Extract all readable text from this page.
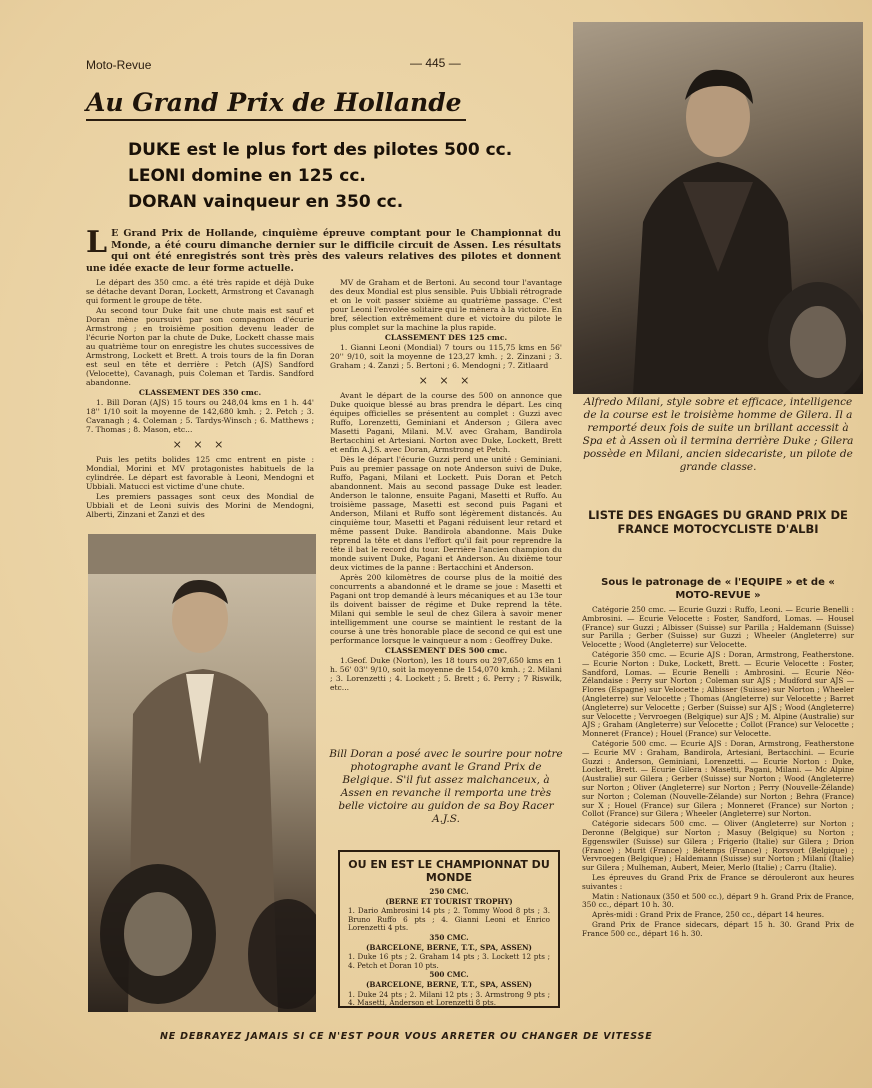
Moto-Revue	— 445 —
Au Grand Prix de Hollande
DUKE est le plus fort des pilotes 500 cc.
LEONI domine en 125 cc.
DORAN vainqueur en 350 cc.
L E Grand Prix de Hollande, cinquième épreuve comptant pour le Championnat du Monde, a été couru dimanche dernier sur le difficile circuit de Assen. Les résultats qui ont été enregistrés sont très près des valeurs relatives des pilotes et donnent une idée exacte de leur forme actuelle.

Le départ des 350 cmc. a été très rapide et déjà Duke se détache devant Doran, Lockett, Armstrong et Cavanagh qui forment le groupe de tête.

Au second tour Duke fait une chute mais est sauf et Doran mène poursuivi par son compagnon d'écurie Armstrong ; en troisième position devenu leader de l'écurie Norton par la chute de Duke, Lockett chasse mais au quatrième tour on enregistre les chutes successives de Armstrong, Lockett et Brett. A trois tours de la fin Doran est seul en tête et derrière : Petch (AJS) Sandford (Velocette), Cavanagh, puis Coleman et Tardis. Sandford abandonne.

CLASSEMENT DES 350 cmc.

1. Bill Doran (AJS) 15 tours ou 248,04 kms en 1 h. 44' 18'' 1/10 soit la moyenne de 142,680 kmh. ; 2. Petch ; 3. Cavanagh ; 4. Coleman ; 5. Tardys-Winsch ; 6. Matthews ; 7. Thomas ; 8. Mason, etc...

× × ×

Puis les petits bolides 125 cmc entrent en piste : Mondial, Morini et MV protagonistes habituels de la cylindrée. Le départ est favorable à Leoni, Mendogni et Ubbiali. Matucci est victime d'une chute.

Les premiers passages sont ceux des Mondial de Ubbiali et de Leoni suivis des Morini de Mendogni, Alberti, Zinzani et Zanzi et des

MV de Graham et de Bertoni. Au second tour l'avantage des deux Mondial est plus sensible. Puis Ubbiali rétrograde et on le voit passer sixième au quatrième passage. C'est pour Leoni l'envolée solitaire qui le mènera à la victoire. En bref, sélection extrêmement dure et victoire du pilote le plus complet sur la machine la plus rapide.

CLASSEMENT DES 125 cmc.

1. Gianni Leoni (Mondial) 7 tours ou 115,75 kms en 56' 20'' 9/10, soit la moyenne de 123,27 kmh. ; 2. Zinzani ; 3. Graham ; 4. Zanzi ; 5. Bertoni ; 6. Mendogni ; 7. Zitlaard

× × ×

Avant le départ de la course des 500 on annonce que Duke quoique blessé au bras prendra le départ. Les cinq équipes officielles se présentent au complet : Guzzi avec Ruffo, Lorenzetti, Geminiani et Anderson ; Gilera avec Masetti Pagani, Milani. M.V. avec Graham, Bandirola Bertacchini et Artesiani. Norton avec Duke, Lockett, Brett et enfin A.J.S. avec Doran, Armstrong et Petch.

Dès le départ l'écurie Guzzi perd une unité : Geminiani. Puis au premier passage on note Anderson suivi de Duke, Ruffo, Pagani, Milani et Lockett. Puis Doran et Petch abandonnent. Mais au second passage Duke est leader. Anderson le talonne, ensuite Pagani, Masetti et Ruffo. Au troisième passage, Masetti est second puis Pagani et Anderson, Milani et Ruffo sont légèrement distancés. Au cinquième tour, Masetti et Pagani réduisent leur retard et même passent Duke. Bandirola abandonne. Mais Duke reprend la tête et dans l'effort qu'il fait pour reprendre la tête il bat le record du tour. Derrière l'ancien champion du monde suivent Duke, Pagani et Anderson. Au dixième tour deux victimes de la panne : Bertacchini et Anderson.

Après 200 kilomètres de course plus de la moitié des concurrents a abandonné et le drame se joue : Masetti et Pagani ont trop demandé à leurs mécaniques et au 13e tour ils doivent baisser de régime et Duke reprend la tête. Milani qui semble le seul de chez Gilera à savoir mener intelligemment une course se maintient le restant de la course à une très honorable place de second ce qui est une performance lorsque le vainqueur a nom : Geoffrey Duke.

CLASSEMENT DES 500 cmc.

1.Geof. Duke (Norton), les 18 tours ou 297,650 kms en 1 h. 56' 03'' 9/10, soit la moyenne de 154,070 kmh. ; 2. Milani ; 3. Lorenzetti ; 4. Lockett ; 5. Brett ; 6. Perry ; 7 Riswilk, etc...

Bill Doran a posé avec le sourire pour notre photographe avant le Grand Prix de Belgique. S'il fut assez malchanceux, à Assen en revanche il remporta une très belle victoire au guidon de sa Boy Racer A.J.S.
OU EN EST LE CHAMPIONNAT DU MONDE

250 CMC.

(BERNE ET TOURIST TROPHY)

1. Dario Ambrosini 14 pts ; 2. Tommy Wood 8 pts ; 3. Bruno Ruffo 6 pts ; 4. Gianni Leoni et Enrico Lorenzetti 4 pts.

350 CMC.

(BARCELONE, BERNE, T.T., SPA, ASSEN)

1. Duke 16 pts ; 2. Graham 14 pts ; 3. Lockett 12 pts ; 4. Petch et Doran 10 pts.

500 CMC.

(BARCELONE, BERNE, T.T., SPA, ASSEN)

1. Duke 24 pts ; 2. Milani 12 pts ; 3. Armstrong 9 pts ; 4. Masetti, Anderson et Lorenzetti 8 pts.

Alfredo Milani, style sobre et efficace, intelligence de la course est le troisième homme de Gilera. Il a remporté deux fois de suite un brillant accessit à Spa et à Assen où il termina derrière Duke ; Gilera possède en Milani, ancien sidecariste, un pilote de grande classe.
LISTE DES ENGAGES DU GRAND PRIX DE FRANCE MOTOCYCLISTE D'ALBI
Sous le patronage de « l'EQUIPE » et de « MOTO-REVUE »

Catégorie 250 cmc. — Ecurie Guzzi : Ruffo, Leoni. — Ecurie Benelli : Ambrosini. — Ecurie Velocette : Foster, Sandford, Lomas. — Housel (France) sur Guzzi ; Albisser (Suisse) sur Parilla ; Haldemann (Suisse) sur Parilla ; Gerber (Suisse) sur Guzzi ; Wheeler (Angleterre) sur Velocette ; Wood (Angleterre) sur Velocette.

Catégorie 350 cmc. — Ecurie AJS : Doran, Armstrong, Featherstone. — Ecurie Norton : Duke, Lockett, Brett. — Ecurie Velocette : Foster, Sandford, Lomas. — Ecurie Benelli : Ambrosini. — Ecurie Néo-Zélandaise : Perry sur Norton ; Coleman sur AJS ; Mudford sur AJS — Flores (Espagne) sur Velocette ; Albisser (Suisse) sur Norton ; Wheeler (Angleterre) sur Velocette ; Thomas (Angleterre) sur Velocette ; Barret (Angleterre) sur Velocette ; Gerber (Suisse) sur AJS ; Wood (Angleterre) sur Velocette ; Vervroegen (Belgique) sur AJS ; M. Alpine (Australie) sur AJS ; Graham (Angleterre) sur Velocette ; Collot (France) sur Velocette ; Monneret (France) ; Houel (France) sur Velocette.

Catégorie 500 cmc. — Ecurie AJS : Doran, Armstrong, Featherstone — Ecurie MV : Graham, Bandirola, Artesiani, Bertacchini. — Ecurie Guzzi : Anderson, Geminiani, Lorenzetti. — Ecurie Norton : Duke, Lockett, Brett. — Ecurie Gilera : Masetti, Pagani, Milani. — Mc Alpine (Australie) sur Gilera ; Gerber (Suisse) sur Norton ; Wood (Angleterre) sur Norton ; Oliver (Angleterre) sur Norton ; Perry (Nouvelle-Zélande) sur Norton ; Coleman (Nouvelle-Zélande) sur Norton ; Behra (France) sur X ; Houel (France) sur Gilera ; Monneret (France) sur Norton ; Collot (France) sur Gilera ; Wheeler (Angleterre) sur Norton.

Catégorie sidecars 500 cmc. — Oliver (Angleterre) sur Norton ; Deronne (Belgique) sur Norton ; Masuy (Belgique) su Norton ; Eggenswiler (Suisse) sur Gilera ; Frigerio (Italie) sur Gilera ; Drion (France) ; Murit (France) ; Bétemps (France) ; Rorsvort (Belgique) ; Vervroegen (Belgique) ; Haldemann (Suisse) sur Norton ; Milani (Italie) sur Gilera ; Mulheman, Aubert, Meier, Merlo (Italie) ; Carru (Italie).

Les épreuves du Grand Prix de France se dérouleront aux heures suivantes :

Matin : Nationaux (350 et 500 cc.), départ 9 h. Grand Prix de France, 350 cc., départ 10 h. 30.

Après-midi : Grand Prix de France, 250 cc., départ 14 heures.

Grand Prix de France sidecars, départ 15 h. 30. Grand Prix de France 500 cc., départ 16 h. 30.

NE DEBRAYEZ JAMAIS SI CE N'EST POUR VOUS ARRETER OU CHANGER DE VITESSE
